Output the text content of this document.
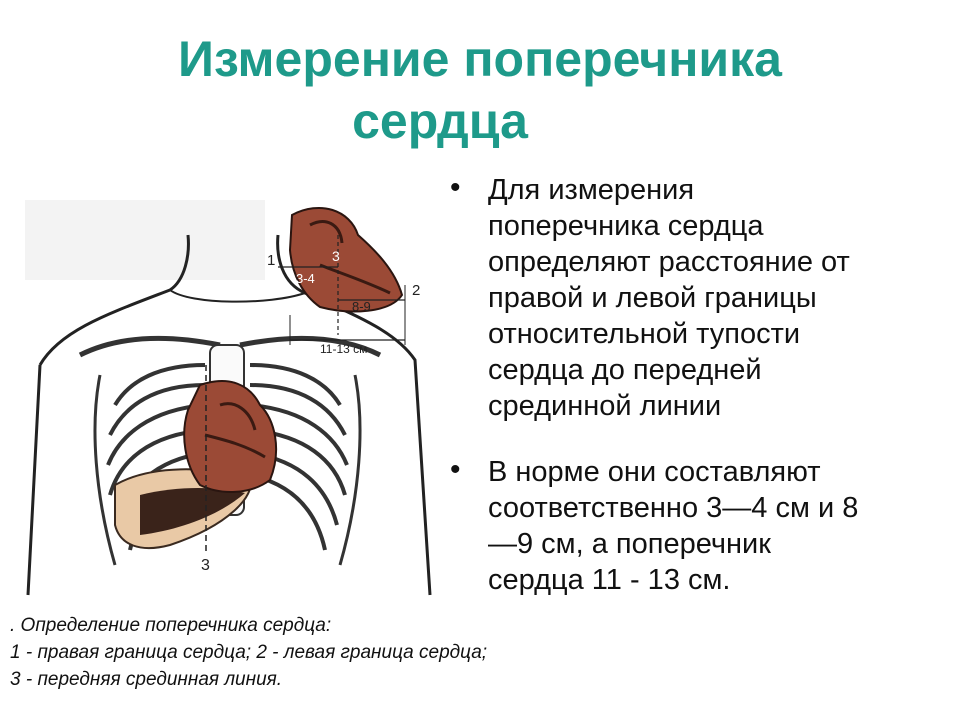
Измерение поперечника
сердца
3
1
2
3
3-4
8-9
11-13 см
• Для измерения
поперечника сердца
определяют расстояние от
правой и левой границы
относительной тупости
сердца до передней
срединной линии
• В норме они составляют
соответственно 3—4 см и 8
—9 см, а поперечник
сердца 11 - 13 см.
. Определение поперечника сердца:
1 - правая граница сердца; 2 - левая граница сердца;
3 - передняя срединная линия.
